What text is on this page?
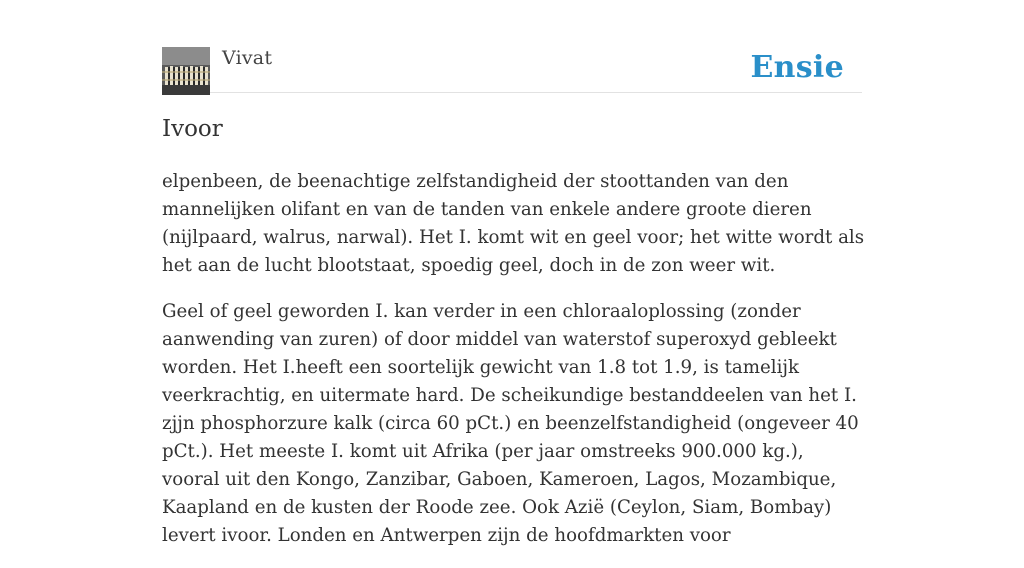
Vivat	Ensie
Ivoor

elpenbeen, de beenachtige zelfstandigheid der stoottanden van den mannelijken olifant en van de tanden van enkele andere groote dieren (nijlpaard, walrus, narwal). Het I. komt wit en geel voor; het witte wordt als het aan de lucht blootstaat, spoedig geel, doch in de zon weer wit.

Geel of geel geworden I. kan verder in een chloraaloplossing (zonder aanwending van zuren) of door middel van waterstof superoxyd gebleekt worden. Het I.heeft een soortelijk gewicht van 1.8 tot 1.9, is tamelijk veerkrachtig, en uitermate hard. De scheikundige bestanddeelen van het I. zjjn phosphorzure kalk (circa 60 pCt.) en beenzelfstandigheid (ongeveer 40 pCt.). Het meeste I. komt uit Afrika (per jaar omstreeks 900.000 kg.), vooral uit den Kongo, Zanzibar, Gaboen, Kameroen, Lagos, Mozambique, Kaapland en de kusten der Roode zee. Ook Azië (Ceylon, Siam, Bombay) levert ivoor. Londen en Antwerpen zijn de hoofdmarkten voor
